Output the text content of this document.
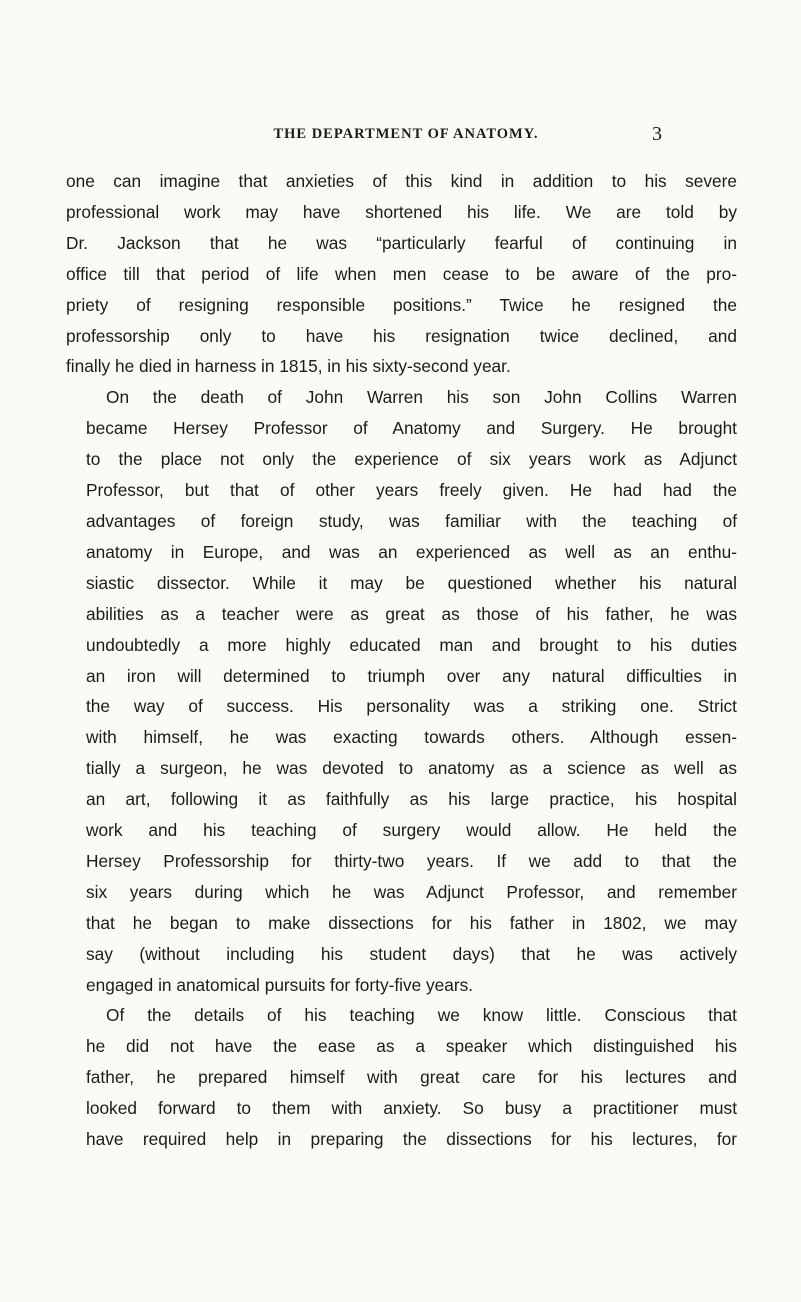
THE DEPARTMENT OF ANATOMY.	3
one can imagine that anxieties of this kind in addition to his severe
professional work may have shortened his life. We are told by
Dr. Jackson that he was “particularly fearful of continuing in
office till that period of life when men cease to be aware of the pro-
priety of resigning responsible positions.” Twice he resigned the
professorship only to have his resignation twice declined, and
finally he died in harness in 1815, in his sixty-second year.
On the death of John Warren his son John Collins Warren
became Hersey Professor of Anatomy and Surgery. He brought
to the place not only the experience of six years work as Adjunct
Professor, but that of other years freely given. He had had the
advantages of foreign study, was familiar with the teaching of
anatomy in Europe, and was an experienced as well as an enthu-
siastic dissector. While it may be questioned whether his natural
abilities as a teacher were as great as those of his father, he was
undoubtedly a more highly educated man and brought to his duties
an iron will determined to triumph over any natural difficulties in
the way of success. His personality was a striking one. Strict
with himself, he was exacting towards others. Although essen-
tially a surgeon, he was devoted to anatomy as a science as well as
an art, following it as faithfully as his large practice, his hospital
work and his teaching of surgery would allow. He held the
Hersey Professorship for thirty-two years. If we add to that the
six years during which he was Adjunct Professor, and remember
that he began to make dissections for his father in 1802, we may
say (without including his student days) that he was actively
engaged in anatomical pursuits for forty-five years.
Of the details of his teaching we know little. Conscious that
he did not have the ease as a speaker which distinguished his
father, he prepared himself with great care for his lectures and
looked forward to them with anxiety. So busy a practitioner must
have required help in preparing the dissections for his lectures, for
